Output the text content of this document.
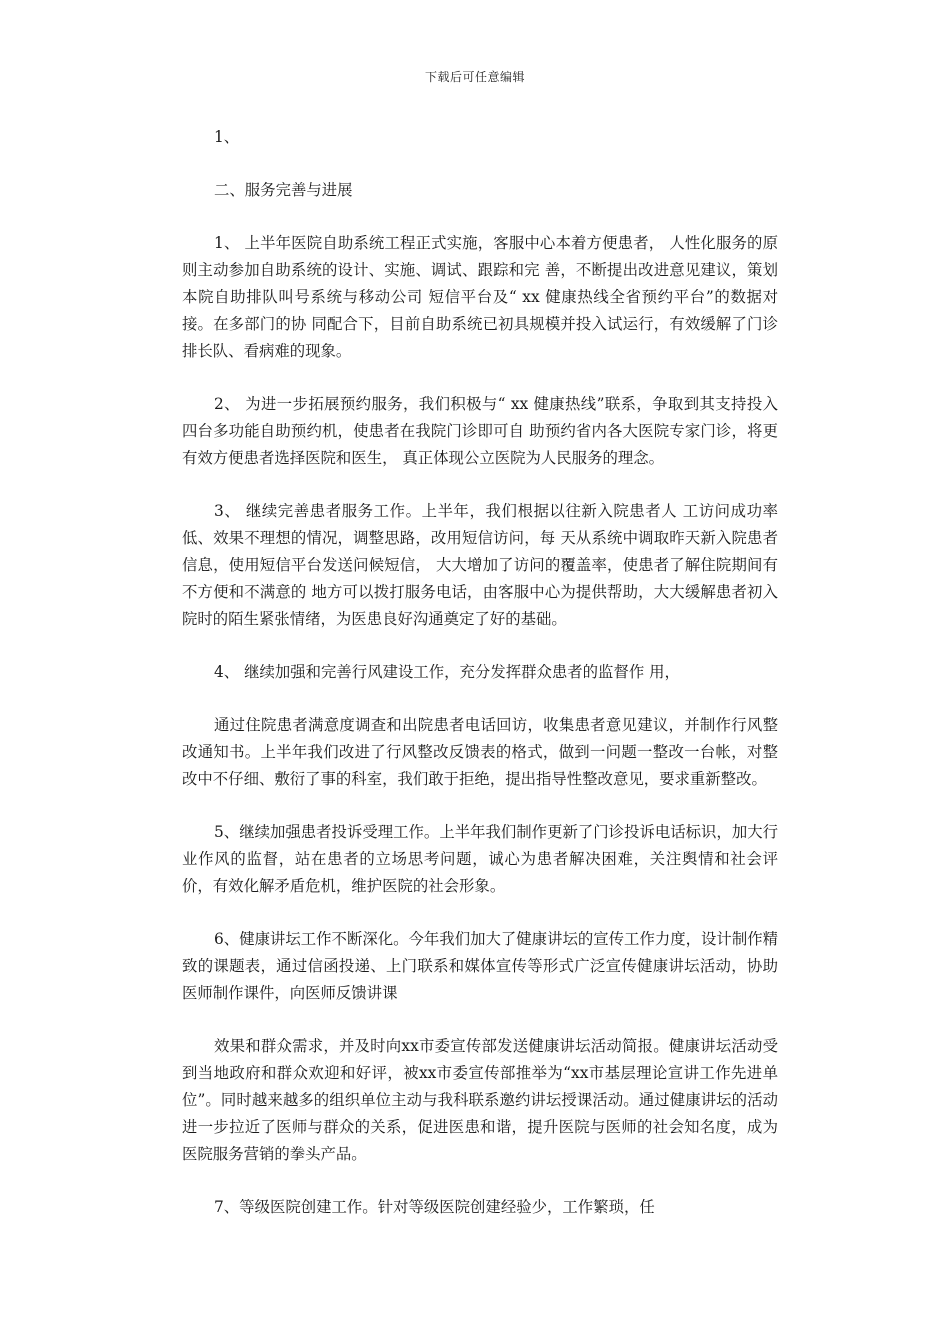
下载后可任意编辑

1、

二、服务完善与进展

1、 上半年医院自助系统工程正式实施，客服中心本着方便患者， 人性化服务的原则主动参加自助系统的设计、实施、调试、跟踪和完 善，不断提出改进意见建议，策划本院自助排队叫号系统与移动公司 短信平台及“ xx 健康热线全省预约平台”的数据对接。在多部门的协 同配合下，目前自助系统已初具规模并投入试运行，有效缓解了门诊 排长队、看病难的现象。

2、 为进一步拓展预约服务，我们积极与“ xx 健康热线”联系，争取到其支持投入四台多功能自助预约机，使患者在我院门诊即可自 助预约省内各大医院专家门诊，将更有效方便患者选择医院和医生， 真正体现公立医院为人民服务的理念。

3、 继续完善患者服务工作。上半年，我们根据以往新入院患者人 工访问成功率低、效果不理想的情况，调整思路，改用短信访问，每 天从系统中调取昨天新入院患者信息，使用短信平台发送问候短信， 大大增加了访问的覆盖率，使患者了解住院期间有不方便和不满意的 地方可以拨打服务电话，由客服中心为提供帮助，大大缓解患者初入 院时的陌生紧张情绪，为医患良好沟通奠定了好的基础。

4、 继续加强和完善行风建设工作，充分发挥群众患者的监督作 用，

通过住院患者满意度调查和出院患者电话回访，收集患者意见建议，并制作行风整改通知书。上半年我们改进了行风整改反馈表的格式，做到一问题一整改一台帐，对整改中不仔细、敷衍了事的科室，我们敢于拒绝，提出指导性整改意见，要求重新整改。

5、继续加强患者投诉受理工作。上半年我们制作更新了门诊投诉电话标识，加大行业作风的监督，站在患者的立场思考问题，诚心为患者解决困难，关注舆情和社会评价，有效化解矛盾危机，维护医院的社会形象。

6、健康讲坛工作不断深化。今年我们加大了健康讲坛的宣传工作力度，设计制作精致的课题表，通过信函投递、上门联系和媒体宣传等形式广泛宣传健康讲坛活动，协助医师制作课件，向医师反馈讲课

效果和群众需求，并及时向xx市委宣传部发送健康讲坛活动简报。健康讲坛活动受到当地政府和群众欢迎和好评，被xx市委宣传部推举为“xx市基层理论宣讲工作先进单位”。同时越来越多的组织单位主动与我科联系邀约讲坛授课活动。通过健康讲坛的活动进一步拉近了医师与群众的关系，促进医患和谐，提升医院与医师的社会知名度，成为医院服务营销的拳头产品。

7、等级医院创建工作。针对等级医院创建经验少，工作繁琐，任
